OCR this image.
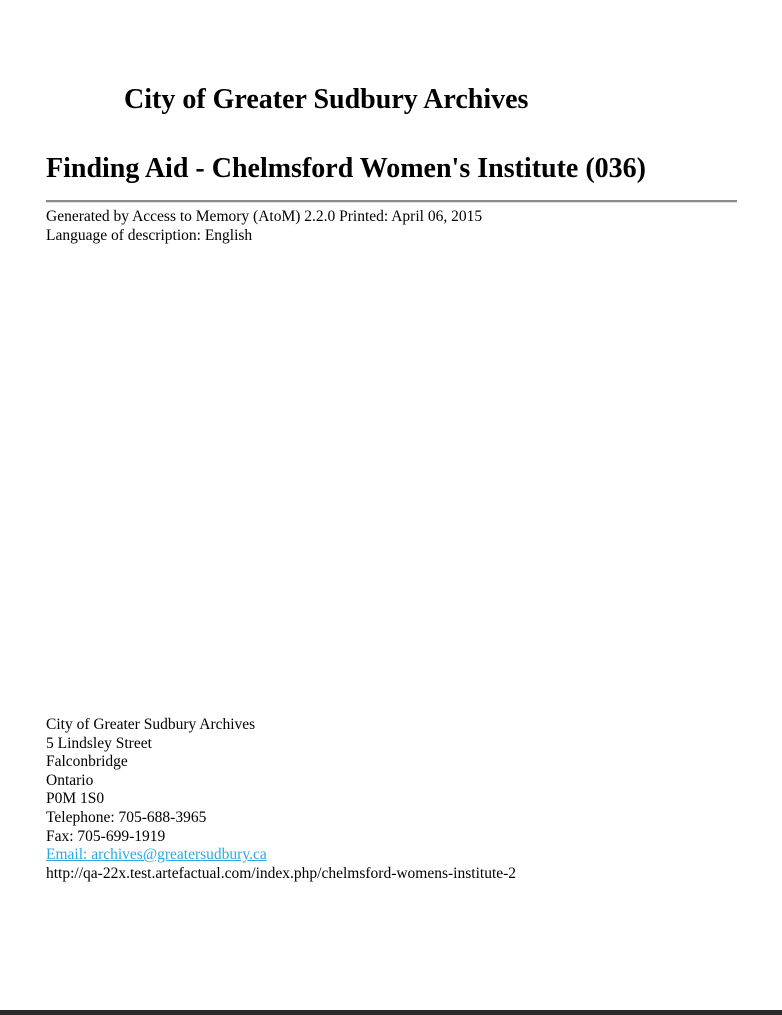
City of Greater Sudbury Archives
Finding Aid - Chelmsford Women's Institute (036)
Generated by Access to Memory (AtoM) 2.2.0 Printed: April 06, 2015
Language of description: English
City of Greater Sudbury Archives
5 Lindsley Street
Falconbridge
Ontario
P0M 1S0
Telephone: 705-688-3965
Fax: 705-699-1919
Email: archives@greatersudbury.ca
http://qa-22x.test.artefactual.com/index.php/chelmsford-womens-institute-2
